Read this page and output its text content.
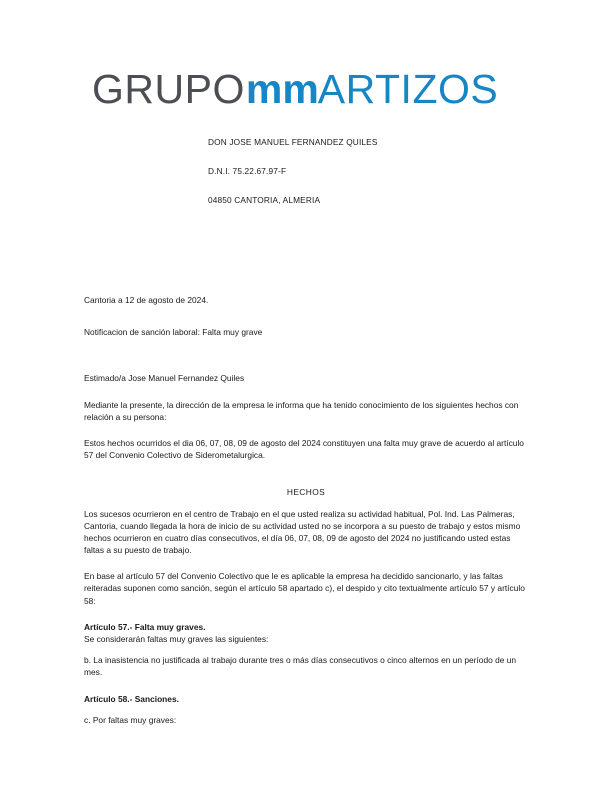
GRUPO m m ARTIZOS

DON JOSE MANUEL FERNANDEZ QUILES

D.N.I. 75.22.67.97-F

04850 CANTORIA, ALMERIA

Cantoria a 12 de agosto de 2024.

Notificacion de sanción laboral: Falta muy grave

Estimado/a Jose Manuel Fernandez Quiles

Mediante la presente, la dirección de la empresa le informa que ha tenido conocimiento de los siguientes hechos con relación a su persona:

Estos hechos ocurridos el dia 06, 07, 08, 09 de agosto del 2024 constituyen una falta muy grave de acuerdo al artículo 57 del Convenio Colectivo de Siderometalurgica.

HECHOS

Los sucesos ocurrieron en el centro de Trabajo en el que usted realiza su actividad habitual, Pol. Ind. Las Palmeras, Cantoria, cuando llegada la hora de inicio de su actividad usted no se incorpora a su puesto de trabajo y estos mismo hechos ocurrieron en cuatro días consecutivos, el día 06, 07, 08, 09 de agosto del 2024 no justificando usted estas faltas a su puesto de trabajo.

En base al artículo 57 del Convenio Colectivo que le es aplicable la empresa ha decidido sancionarlo, y las faltas reiteradas suponen como sanción, según el artículo 58 apartado c), el despido y cito textualmente artículo 57 y artículo 58:

Artículo 57.- Falta muy graves.

Se considerarán faltas muy graves las siguientes:

b. La inasistencia no justificada al trabajo durante tres o más días consecutivos o cinco alternos en un período de un mes.

Artículo 58.- Sanciones.

c. Por faltas muy graves:
